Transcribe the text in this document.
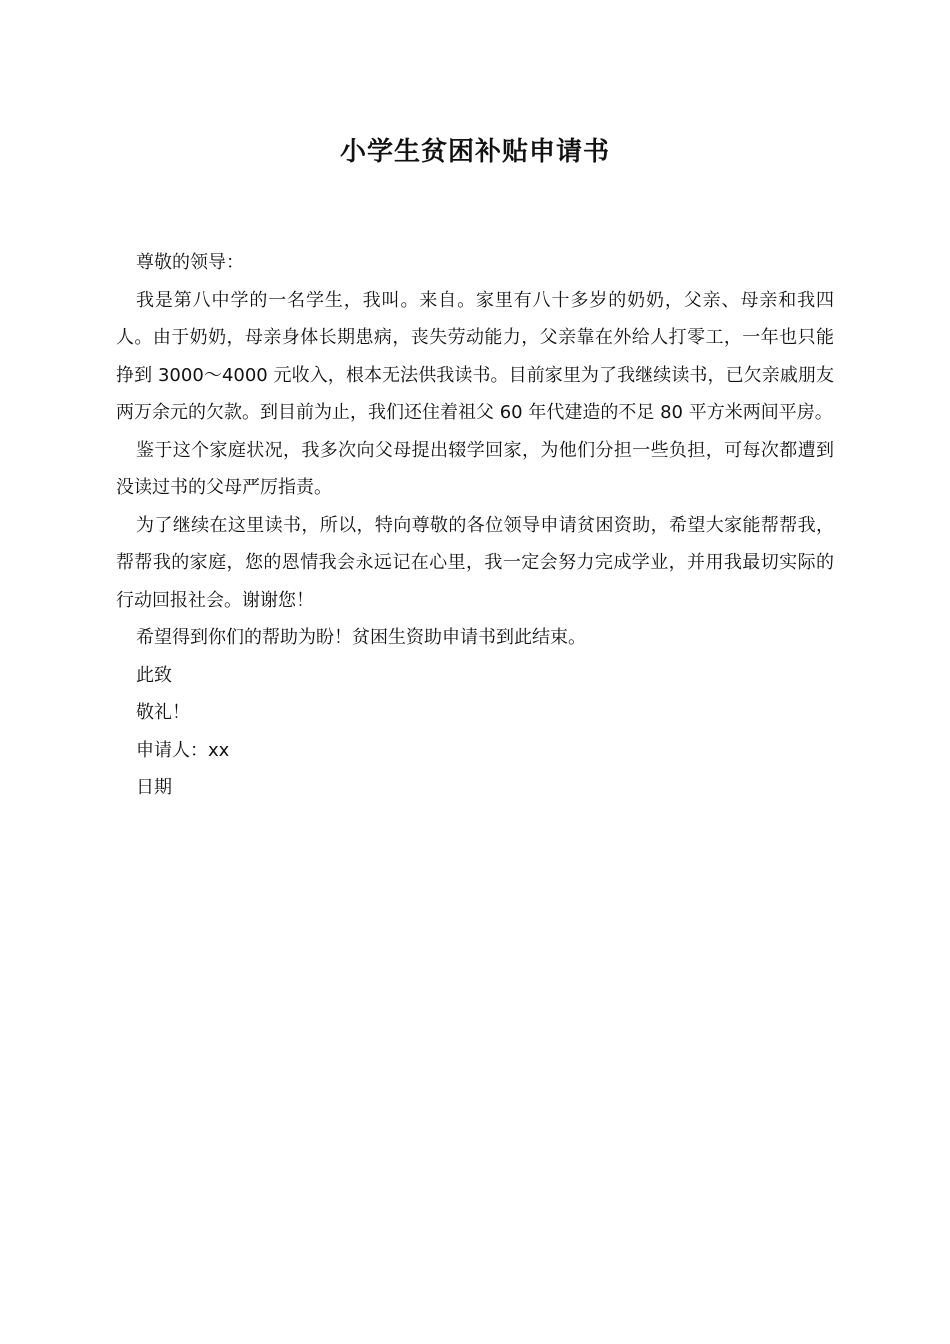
小学生贫困补贴申请书

尊敬的领导：

我是第八中学的一名学生，我叫。来自。家里有八十多岁的奶奶，父亲、母亲和我四人。由于奶奶，母亲身体长期患病，丧失劳动能力，父亲靠在外给人打零工，一年也只能挣到 3000～4000 元收入，根本无法供我读书。目前家里为了我继续读书，已欠亲戚朋友两万余元的欠款。到目前为止，我们还住着祖父 60 年代建造的不足 80 平方米两间平房。

鉴于这个家庭状况，我多次向父母提出辍学回家，为他们分担一些负担，可每次都遭到没读过书的父母严厉指责。

为了继续在这里读书，所以，特向尊敬的各位领导申请贫困资助，希望大家能帮帮我，帮帮我的家庭，您的恩情我会永远记在心里，我一定会努力完成学业，并用我最切实际的行动回报社会。谢谢您！

希望得到你们的帮助为盼！贫困生资助申请书到此结束。

此致

敬礼！

申请人：xx

日期
